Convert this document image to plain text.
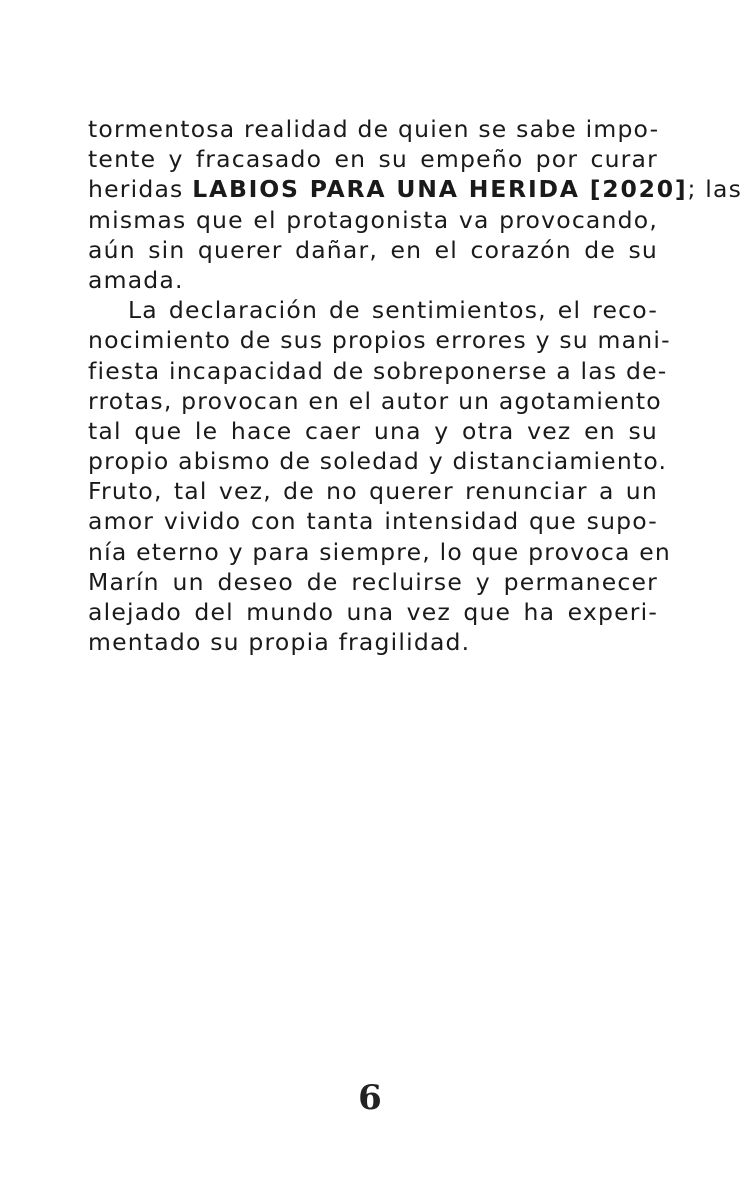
tormentosa realidad de quien se sabe impo-
tente y fracasado en su empeño por curar
heridas LABIOS PARA UNA HERIDA [2020]; las
mismas que el protagonista va provocando,
aún sin querer dañar, en el corazón de su
amada.
La declaración de sentimientos, el reco-
nocimiento de sus propios errores y su mani-
fiesta incapacidad de sobreponerse a las de-
rrotas, provocan en el autor un agotamiento
tal que le hace caer una y otra vez en su
propio abismo de soledad y distanciamiento.
Fruto, tal vez, de no querer renunciar a un
amor vivido con tanta intensidad que supo-
nía eterno y para siempre, lo que provoca en
Marín un deseo de recluirse y permanecer
alejado del mundo una vez que ha experi-
mentado su propia fragilidad.
6
